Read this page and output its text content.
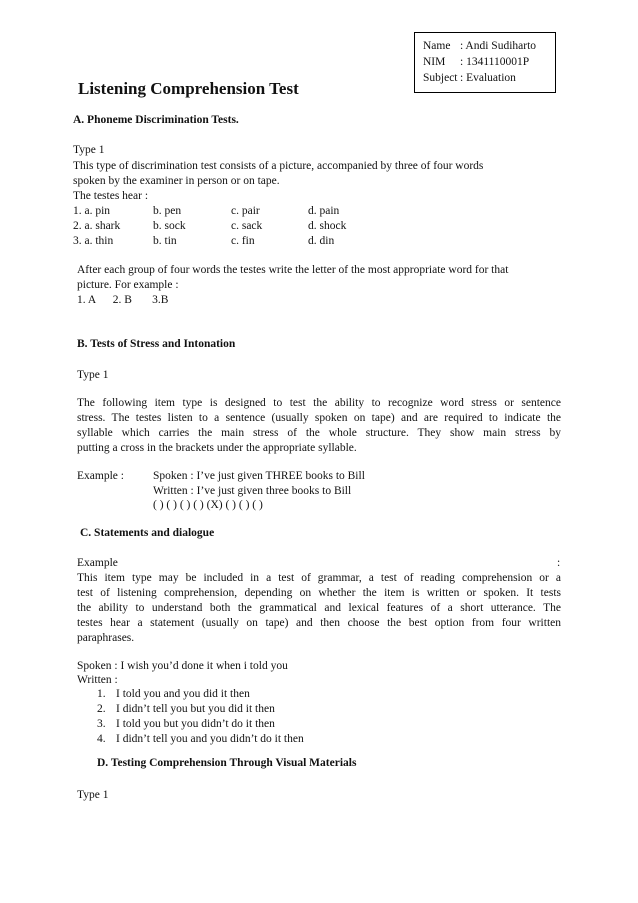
Name : Andi Sudiharto
NIM	: 1341110001P
Subject : Evaluation
Listening Comprehension Test
A. Phoneme Discrimination Tests.
Type 1
This type of discrimination test consists of a picture, accompanied by three of four words
spoken by the examiner in person or on tape.
The testes hear :
1. a. pin	b. pen	c. pair	d. pain
2. a. shark	b. sock	c. sack	d. shock
3. a. thin	b. tin	c. fin	d. din
After each group of four words the testes write the letter of the most appropriate word for that
picture. For example :
1. A      2. B       3.B
B. Tests of Stress and Intonation
Type 1
The following item type is designed to test the ability to recognize word stress or sentence
stress. The testes listen to a sentence (usually spoken on tape) and are required to indicate the
syllable which carries the main stress of the whole structure. They show main stress by
putting a cross in the brackets under the appropriate syllable.
Example :	Spoken : I’ve just given THREE books to Bill
Written : I’ve just given three books to Bill
( ) ( ) ( ) ( ) (X) ( ) ( ) ( )
C. Statements and dialogue
Example	:
This item type may be included in a test of grammar, a test of reading comprehension or a
test of listening comprehension, depending on whether the item is written or spoken. It tests
the ability to understand both the grammatical and lexical features of a short utterance. The
testes hear a statement (usually on tape) and then choose the best option from four written
paraphrases.
Spoken : I wish you’d done it when i told you
Written :
1. I told you and you did it then
2. I didn’t tell you but you did it then
3. I told you but you didn’t do it then
4. I didn’t tell you and you didn’t do it then
D. Testing Comprehension Through Visual Materials
Type 1
